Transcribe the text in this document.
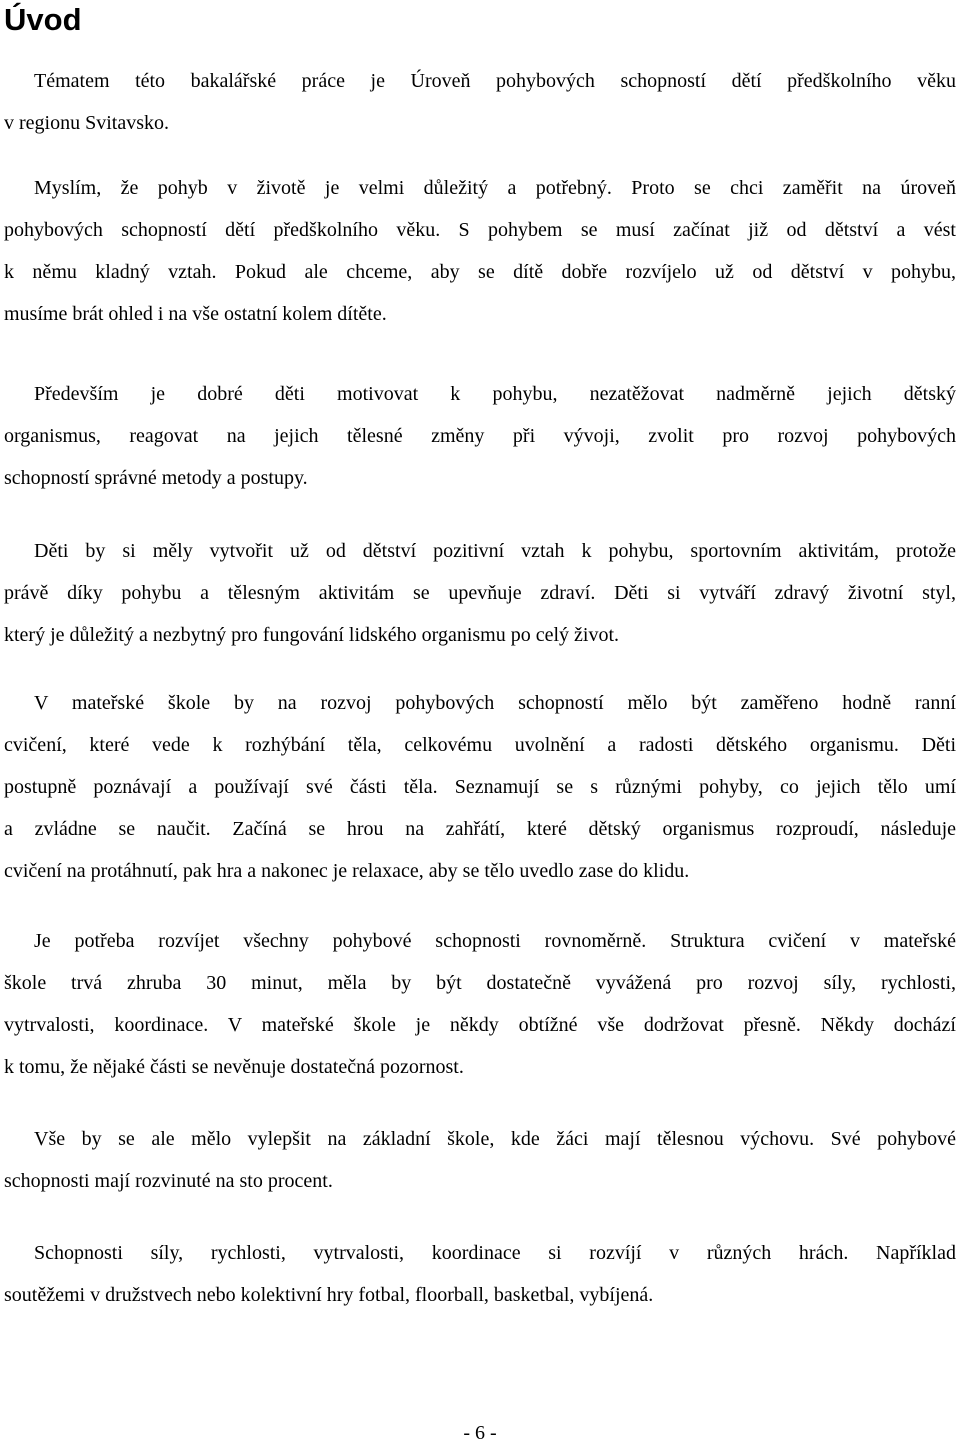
Úvod

Tématem této bakalářské práce je Úroveň pohybových schopností dětí předškolního věku
v regionu Svitavsko.

Myslím, že pohyb v životě je velmi důležitý a potřebný. Proto se chci zaměřit na úroveň
pohybových schopností dětí předškolního věku. S pohybem se musí začínat již od dětství a vést
k němu kladný vztah. Pokud ale chceme, aby se dítě dobře rozvíjelo už od dětství v pohybu,
musíme brát ohled i na vše ostatní kolem dítěte.

Především je dobré děti motivovat k pohybu, nezatěžovat nadměrně jejich dětský
organismus, reagovat na jejich tělesné změny při vývoji, zvolit pro rozvoj pohybových
schopností správné metody a postupy.

Děti by si měly vytvořit už od dětství pozitivní vztah k pohybu, sportovním aktivitám, protože
právě díky pohybu a tělesným aktivitám se upevňuje zdraví. Děti si vytváří zdravý životní styl,
který je důležitý a nezbytný pro fungování lidského organismu po celý život.

V mateřské škole by na rozvoj pohybových schopností mělo být zaměřeno hodně ranní
cvičení, které vede k rozhýbání těla, celkovému uvolnění a radosti dětského organismu. Děti
postupně poznávají a používají své části těla. Seznamují se s různými pohyby, co jejich tělo umí
a zvládne se naučit. Začíná se hrou na zahřátí, které dětský organismus rozproudí, následuje
cvičení na protáhnutí, pak hra a nakonec je relaxace, aby se tělo uvedlo zase do klidu.

Je potřeba rozvíjet všechny pohybové schopnosti rovnoměrně. Struktura cvičení v mateřské
škole trvá zhruba 30 minut, měla by být dostatečně vyvážená pro rozvoj síly, rychlosti,
vytrvalosti, koordinace. V mateřské škole je někdy obtížné vše dodržovat přesně. Někdy dochází
k tomu, že nějaké části se nevěnuje dostatečná pozornost.

Vše by se ale mělo vylepšit na základní škole, kde žáci mají tělesnou výchovu. Své pohybové
schopnosti mají rozvinuté na sto procent.

Schopnosti síly, rychlosti, vytrvalosti, koordinace si rozvíjí v různých hrách. Například
soutěžemi v družstvech nebo kolektivní hry fotbal, floorball, basketbal, vybíjená.

- 6 -
